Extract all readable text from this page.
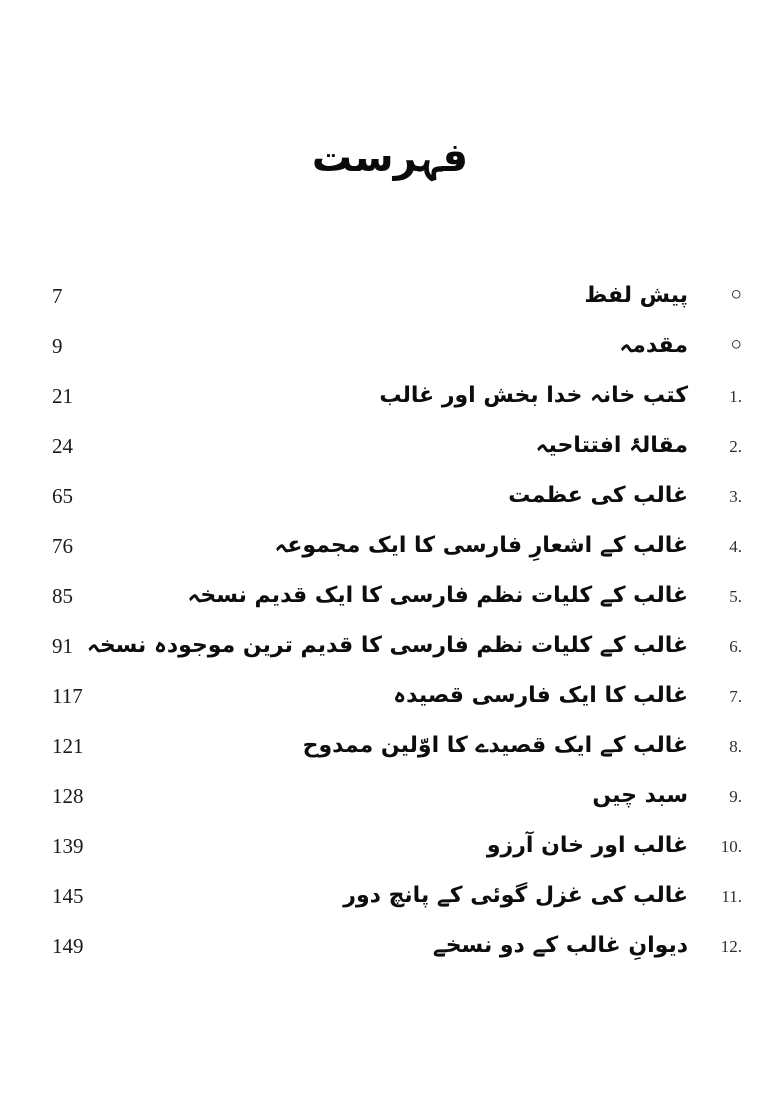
فہرست
○
پیش لفظ
7
○
مقدمہ
9
1.
کتب خانہ خدا بخش اور غالب
21
2.
مقالۂ افتتاحیہ
24
3.
غالب کی عظمت
65
4.
غالب کے اشعارِ فارسی کا ایک مجموعہ
76
5.
غالب کے کلیات نظم فارسی کا ایک قدیم نسخہ
85
6.
غالب کے کلیات نظم فارسی کا قدیم ترین موجودہ نسخہ
91
7.
غالب کا ایک فارسی قصیدہ
117
8.
غالب کے ایک قصیدے کا اوّلین ممدوح
121
9.
سبد چیں
128
10.
غالب اور خان آرزو
139
11.
غالب کی غزل گوئی کے پانچ دور
145
12.
دیوانِ غالب کے دو نسخے
149
